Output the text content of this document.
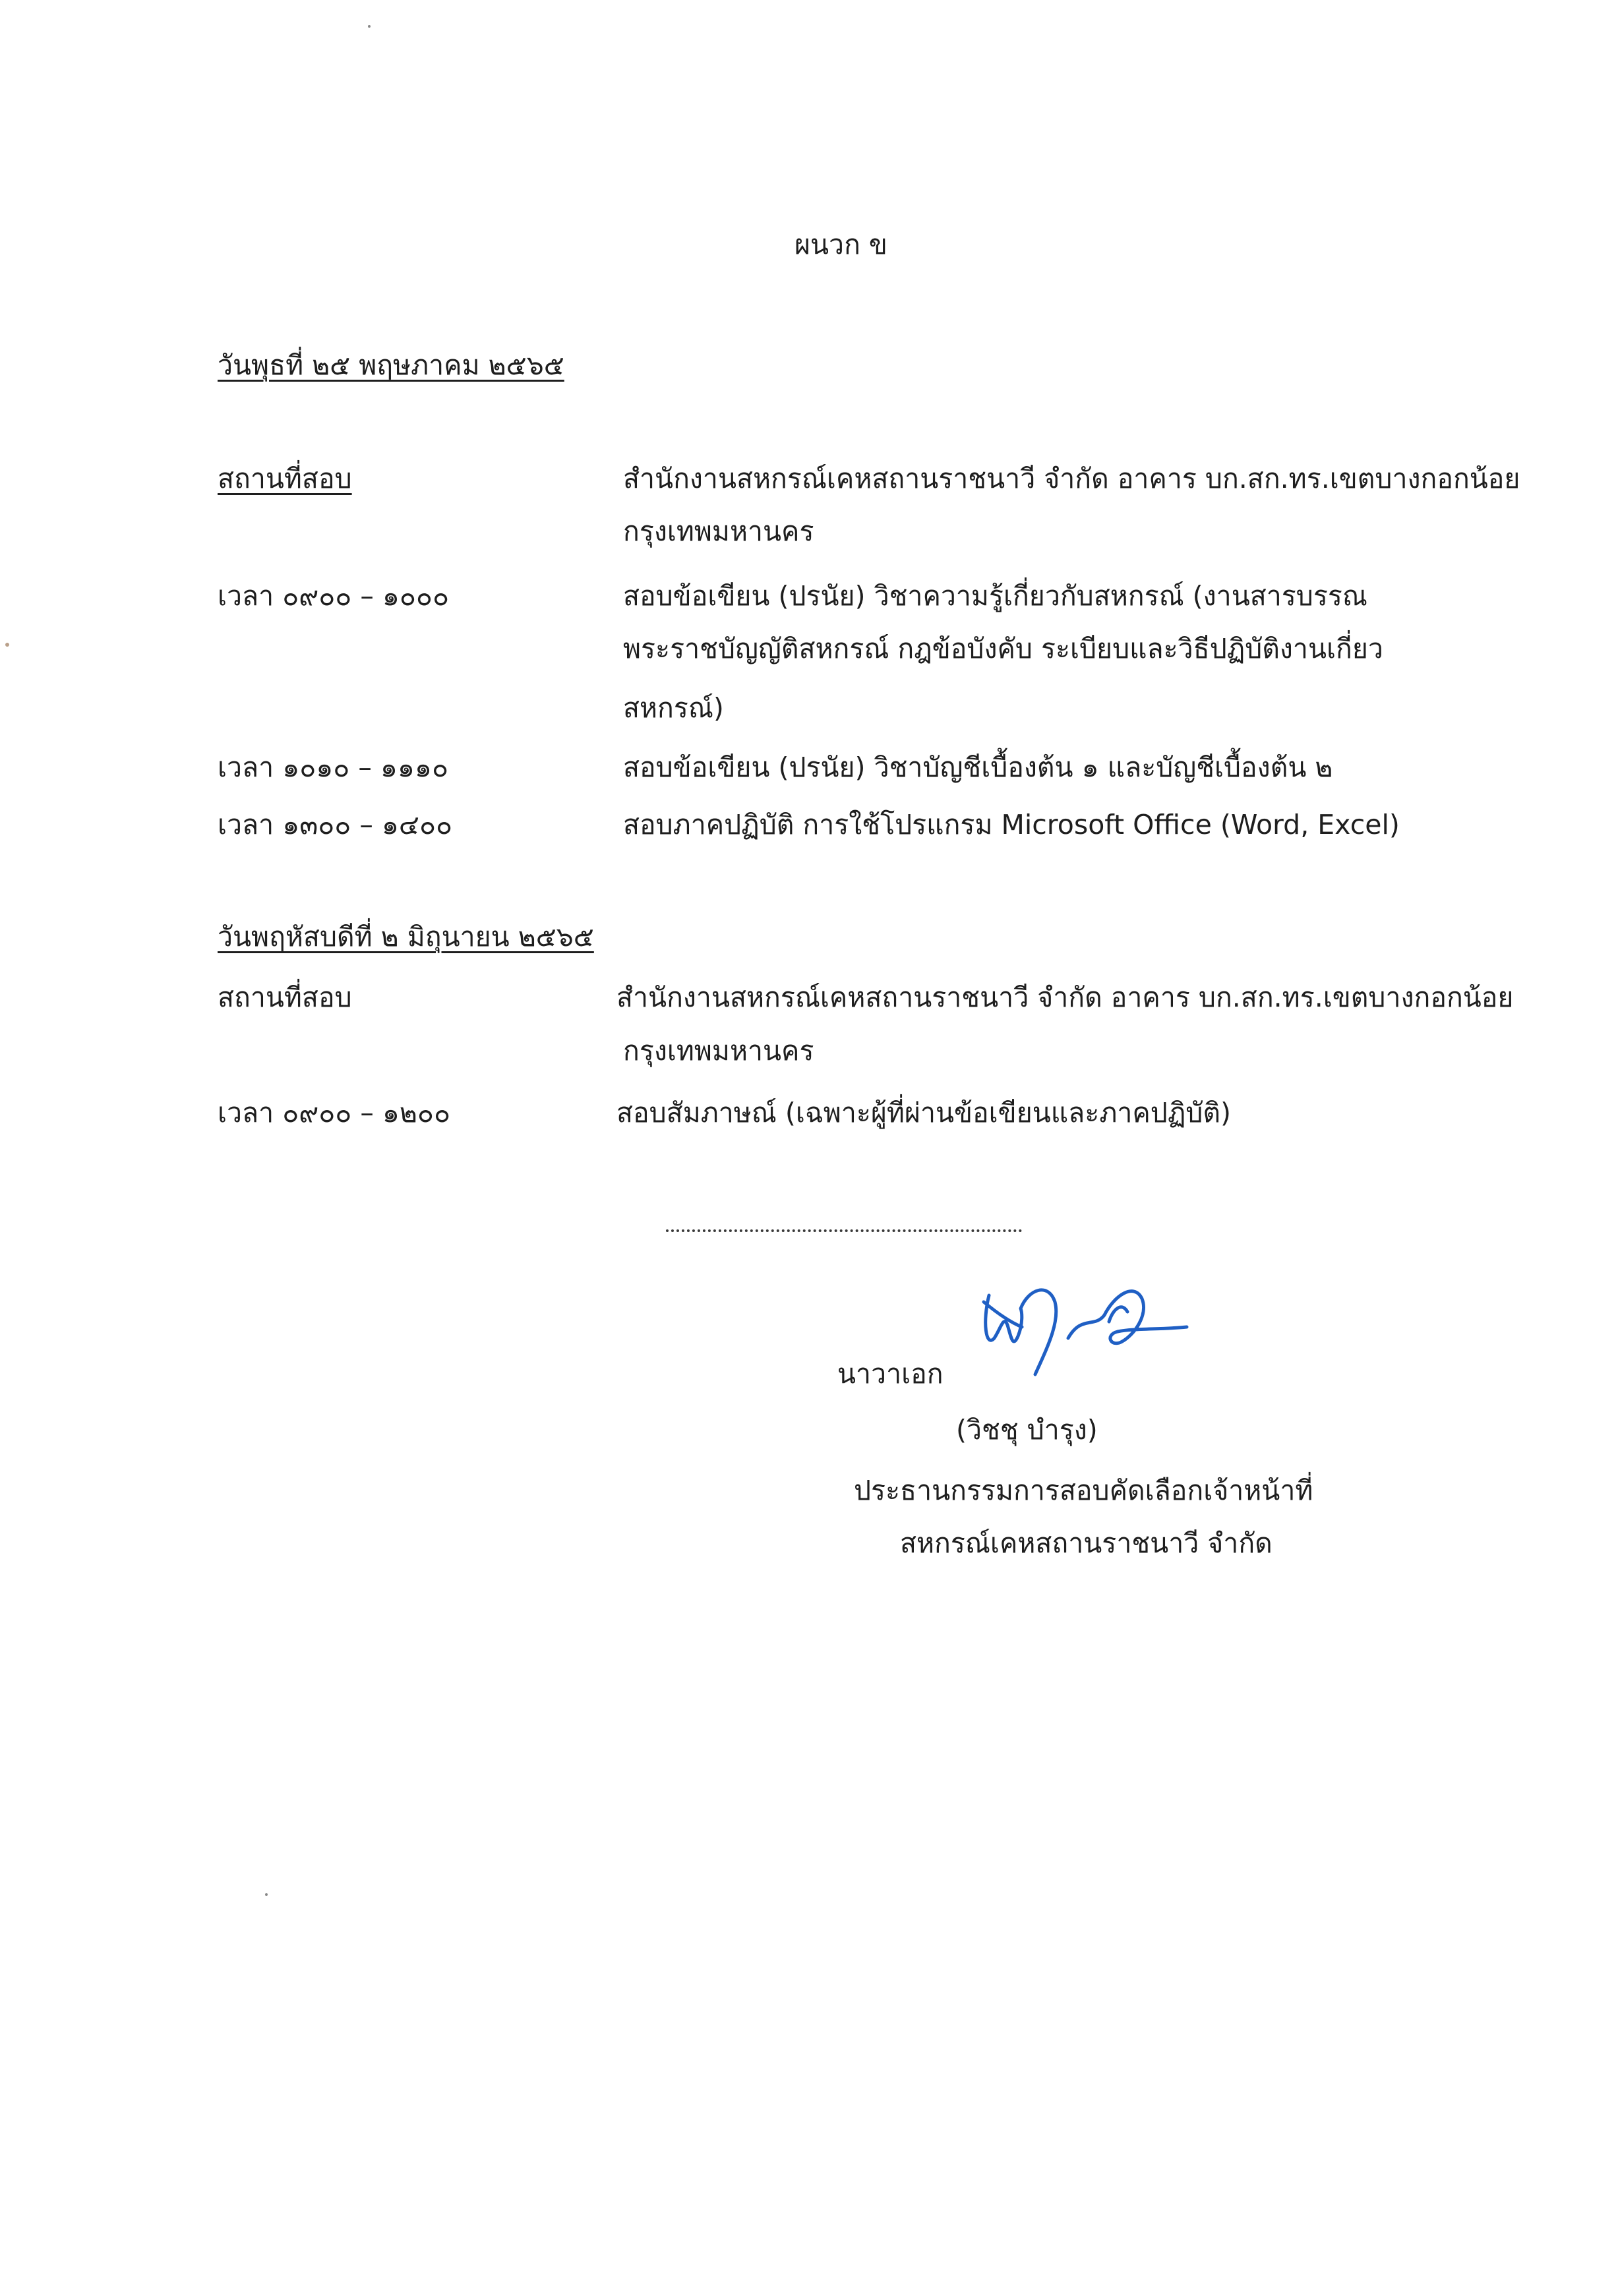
ผนวก ข
วันพุธที่ ๒๕ พฤษภาคม ๒๕๖๕
สถานที่สอบ	สำนักงานสหกรณ์เคหสถานราชนาวี จำกัด อาคาร บก.สก.ทร.เขตบางกอกน้อย
กรุงเทพมหานคร
เวลา ๐๙๐๐ – ๑๐๐๐	สอบข้อเขียน (ปรนัย) วิชาความรู้เกี่ยวกับสหกรณ์ (งานสารบรรณ
พระราชบัญญัติสหกรณ์ กฎข้อบังคับ ระเบียบและวิธีปฏิบัติงานเกี่ยว
สหกรณ์)
เวลา ๑๐๑๐ – ๑๑๑๐	สอบข้อเขียน (ปรนัย) วิชาบัญชีเบื้องต้น ๑ และบัญชีเบื้องต้น ๒
เวลา ๑๓๐๐ – ๑๔๐๐	สอบภาคปฏิบัติ การใช้โปรแกรม Microsoft Office (Word, Excel)
วันพฤหัสบดีที่ ๒ มิถุนายน ๒๕๖๕
สถานที่สอบ	สำนักงานสหกรณ์เคหสถานราชนาวี จำกัด อาคาร บก.สก.ทร.เขตบางกอกน้อย
กรุงเทพมหานคร
เวลา ๐๙๐๐ – ๑๒๐๐	สอบสัมภาษณ์ (เฉพาะผู้ที่ผ่านข้อเขียนและภาคปฏิบัติ)
นาวาเอก
(วิชชุ บำรุง)
ประธานกรรมการสอบคัดเลือกเจ้าหน้าที่
สหกรณ์เคหสถานราชนาวี จำกัด
